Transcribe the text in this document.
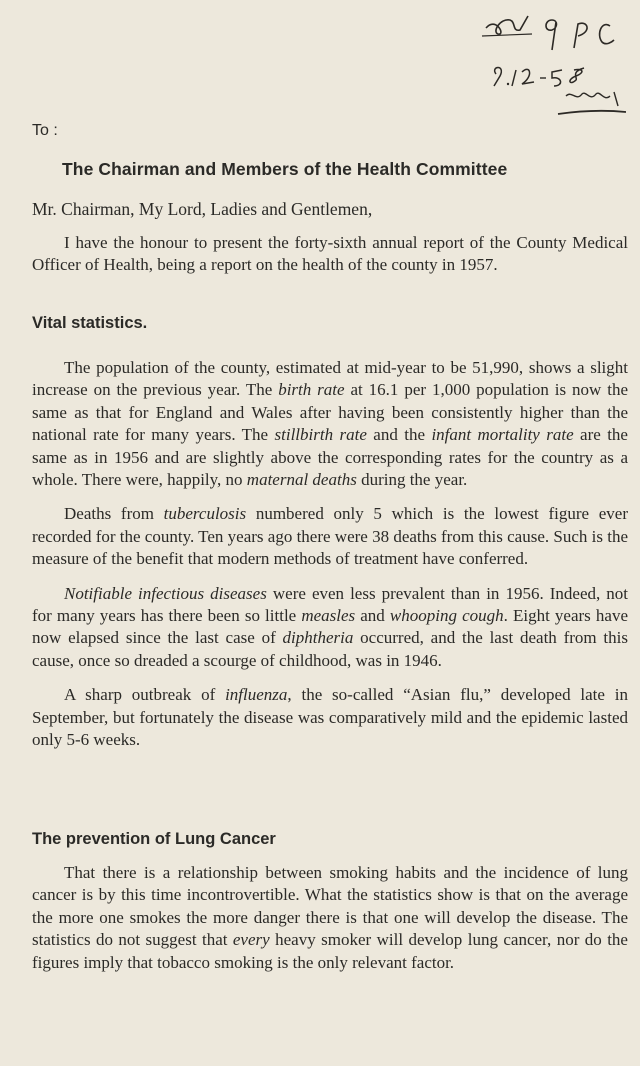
To :
The Chairman and Members of the Health Committee
Mr. Chairman, My Lord, Ladies and Gentlemen,

I have the honour to present the forty-sixth annual report of the County Medical Officer of Health, being a report on the health of the county in 1957.

Vital statistics.

The population of the county, estimated at mid-year to be 51,990, shows a slight increase on the previous year. The birth rate at 16.1 per 1,000 population is now the same as that for England and Wales after having been consistently higher than the national rate for many years. The stillbirth rate and the infant mortality rate are the same as in 1956 and are slightly above the corresponding rates for the country as a whole. There were, happily, no maternal deaths during the year.

Deaths from tuberculosis numbered only 5 which is the lowest figure ever recorded for the county. Ten years ago there were 38 deaths from this cause. Such is the measure of the benefit that modern methods of treatment have conferred.

Notifiable infectious diseases were even less prevalent than in 1956. Indeed, not for many years has there been so little measles and whooping cough. Eight years have now elapsed since the last case of diphtheria occurred, and the last death from this cause, once so dreaded a scourge of childhood, was in 1946.

A sharp outbreak of influenza, the so-called “Asian flu,” developed late in September, but fortunately the disease was comparatively mild and the epidemic lasted only 5-6 weeks.

The prevention of Lung Cancer

That there is a relationship between smoking habits and the incidence of lung cancer is by this time incontrovertible. What the statistics show is that on the average the more one smokes the more danger there is that one will develop the disease. The statistics do not suggest that every heavy smoker will develop lung cancer, nor do the figures imply that tobacco smoking is the only relevant factor.
